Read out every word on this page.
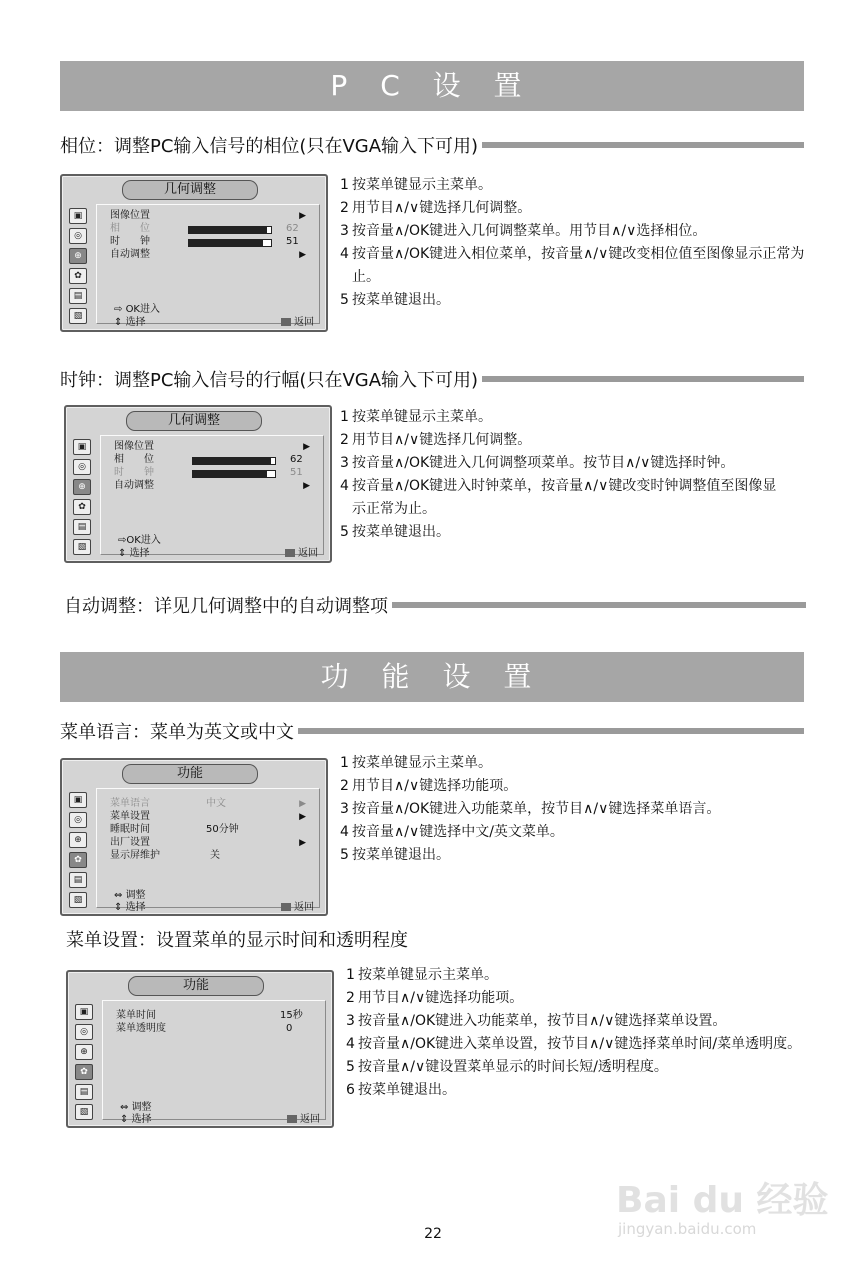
P C 设 置
相位：调整PC输入信号的相位(只在VGA输入下可用)
几何调整
▣
◎
⊕
✿
▤
▧
图像位置	▶
相　　位	62
时　　钟	51
自动调整	▶
⇨ OK进入
⇕ 选择	返回
1 按菜单键显示主菜单。
2 用节目∧/∨键选择几何调整。
3 按音量∧/OK键进入几何调整菜单。用节目∧/∨选择相位。
4 按音量∧/OK键进入相位菜单，按音量∧/∨键改变相位值至图像显示正常为止。
5 按菜单键退出。
时钟：调整PC输入信号的行幅(只在VGA输入下可用)
几何调整
▣
◎
⊕
✿
▤
▧
图像位置	▶
相　　位	62
时　　钟	51
自动调整	▶
⇨OK进入
⇕ 选择	返回
1 按菜单键显示主菜单。
2 用节目∧/∨键选择几何调整。
3 按音量∧/OK键进入几何调整项菜单。按节目∧/∨键选择时钟。
4 按音量∧/OK键进入时钟菜单，按音量∧/∨键改变时钟调整值至图像显示正常为止。
5 按菜单键退出。
自动调整：详见几何调整中的自动调整项
功 能 设 置
菜单语言：菜单为英文或中文
功能
▣
◎
⊕
✿
▤
▧
菜单语言	中文	▶
菜单设置	▶
睡眠时间	50分钟
出厂设置	▶
显示屏维护	关
⇔ 调整
⇕ 选择	返回
1 按菜单键显示主菜单。
2 用节目∧/∨键选择功能项。
3 按音量∧/OK键进入功能菜单，按节目∧/∨键选择菜单语言。
4 按音量∧/∨键选择中文/英文菜单。
5 按菜单键退出。
菜单设置：设置菜单的显示时间和透明程度
功能
▣
◎
⊕
✿
▤
▧
菜单时间	15秒
菜单透明度	0
⇔ 调整
⇕ 选择	返回
1 按菜单键显示主菜单。
2 用节目∧/∨键选择功能项。
3 按音量∧/OK键进入功能菜单，按节目∧/∨键选择菜单设置。
4 按音量∧/OK键进入菜单设置，按节目∧/∨键选择菜单时间/菜单透明度。
5 按音量∧/∨键设置菜单显示的时间长短/透明程度。
6 按菜单键退出。
Bai du 经验
jingyan.baidu.com
22
